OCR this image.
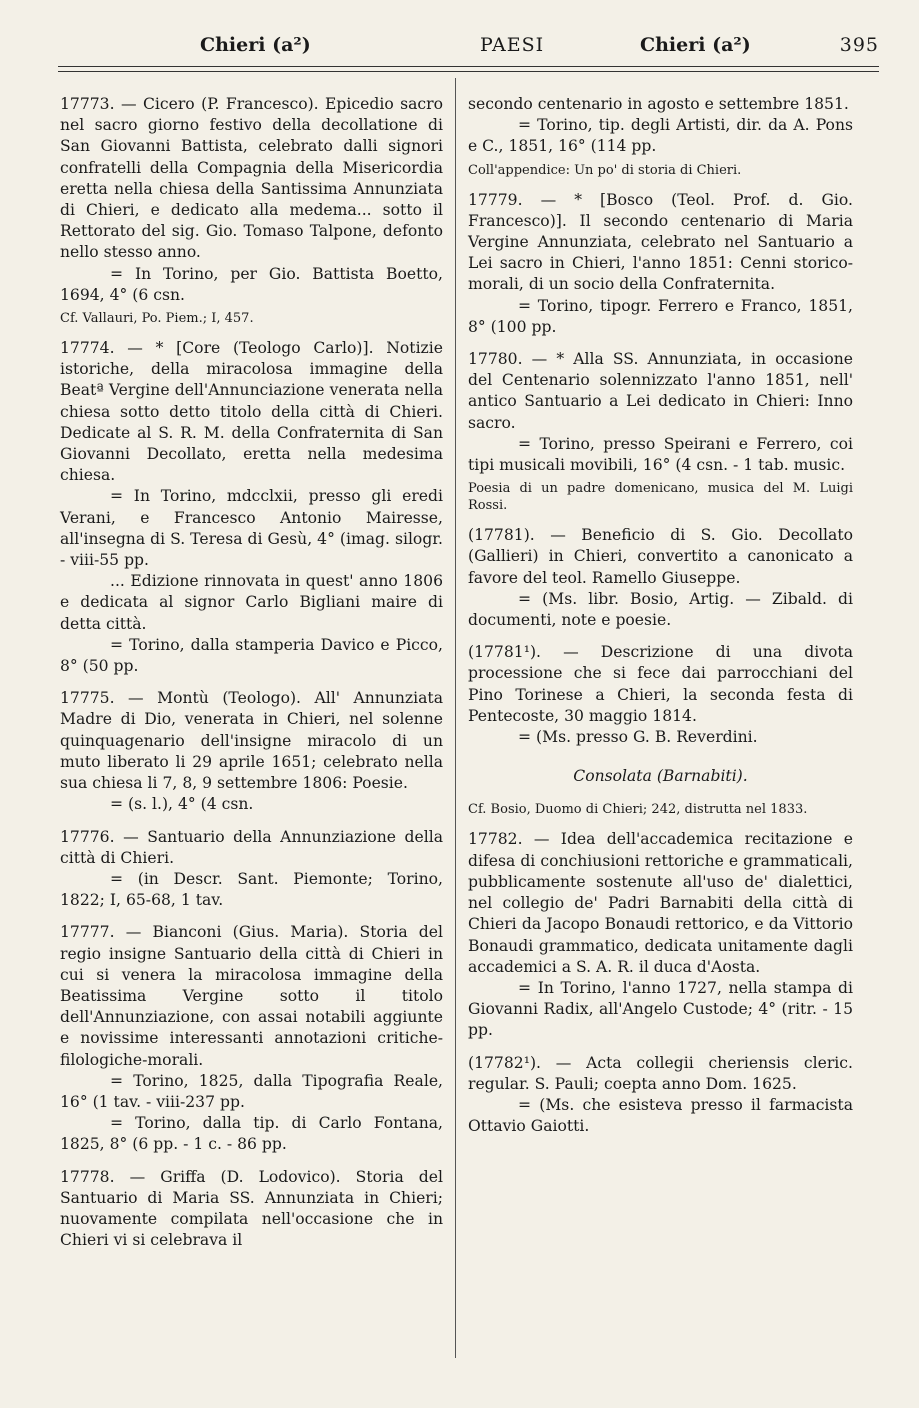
Chieri (a²)	PAESI	Chieri (a²)	395

17773. — Cicero (P. Francesco). Epicedio sacro nel sacro giorno festivo della decollatione di San Giovanni Battista, celebrato dalli signori confratelli della Compagnia della Misericordia eretta nella chiesa della Santissima Annunziata di Chieri, e dedicato alla medema... sotto il Rettorato del sig. Gio. Tomaso Talpone, defonto nello stesso anno.

= In Torino, per Gio. Battista Boetto, 1694, 4° (6 csn.

Cf. Vallauri, Po. Piem.; I, 457.

17774. — * [Core (Teologo Carlo)]. Notizie istoriche, della miracolosa immagine della Beatª Vergine dell'Annunciazione venerata nella chiesa sotto detto titolo della città di Chieri. Dedicate al S. R. M. della Confraternita di San Giovanni Decollato, eretta nella medesima chiesa.

= In Torino, mdcclxii, presso gli eredi Verani, e Francesco Antonio Mairesse, all'insegna di S. Teresa di Gesù, 4° (imag. silogr. - viii-55 pp.

... Edizione rinnovata in quest' anno 1806 e dedicata al signor Carlo Bigliani maire di detta città.

= Torino, dalla stamperia Davico e Picco, 8° (50 pp.

17775. — Montù (Teologo). All' Annunziata Madre di Dio, venerata in Chieri, nel solenne quinquagenario dell'insigne miracolo di un muto liberato li 29 aprile 1651; celebrato nella sua chiesa li 7, 8, 9 settembre 1806: Poesie.

= (s. l.), 4° (4 csn.

17776. — Santuario della Annunziazione della città di Chieri.

= (in Descr. Sant. Piemonte; Torino, 1822; I, 65-68, 1 tav.

17777. — Bianconi (Gius. Maria). Storia del regio insigne Santuario della città di Chieri in cui si venera la miracolosa immagine della Beatissima Vergine sotto il titolo dell'Annunziazione, con assai notabili aggiunte e novissime interessanti annotazioni critiche-filologiche-morali.

= Torino, 1825, dalla Tipografia Reale, 16° (1 tav. - viii-237 pp.

= Torino, dalla tip. di Carlo Fontana, 1825, 8° (6 pp. - 1 c. - 86 pp.

17778. — Griffa (D. Lodovico). Storia del Santuario di Maria SS. Annunziata in Chieri; nuovamente compilata nell'occasione che in Chieri vi si celebrava il

secondo centenario in agosto e settembre 1851.

= Torino, tip. degli Artisti, dir. da A. Pons e C., 1851, 16° (114 pp.

Coll'appendice: Un po' di storia di Chieri.

17779. — * [Bosco (Teol. Prof. d. Gio. Francesco)]. Il secondo centenario di Maria Vergine Annunziata, celebrato nel Santuario a Lei sacro in Chieri, l'anno 1851: Cenni storico-morali, di un socio della Confraternita.

= Torino, tipogr. Ferrero e Franco, 1851, 8° (100 pp.

17780. — * Alla SS. Annunziata, in occasione del Centenario solennizzato l'anno 1851, nell' antico Santuario a Lei dedicato in Chieri: Inno sacro.

= Torino, presso Speirani e Ferrero, coi tipi musicali movibili, 16° (4 csn. - 1 tab. music.

Poesia di un padre domenicano, musica del M. Luigi Rossi.

(17781). — Beneficio di S. Gio. Decollato (Gallieri) in Chieri, convertito a canonicato a favore del teol. Ramello Giuseppe.

= (Ms. libr. Bosio, Artig. — Zibald. di documenti, note e poesie.

(17781¹). — Descrizione di una divota processione che si fece dai parrocchiani del Pino Torinese a Chieri, la seconda festa di Pentecoste, 30 maggio 1814.

= (Ms. presso G. B. Reverdini.

Consolata (Barnabiti).

Cf. Bosio, Duomo di Chieri; 242, distrutta nel 1833.

17782. — Idea dell'accademica recitazione e difesa di conchiusioni rettoriche e grammaticali, pubblicamente sostenute all'uso de' dialettici, nel collegio de' Padri Barnabiti della città di Chieri da Jacopo Bonaudi rettorico, e da Vittorio Bonaudi grammatico, dedicata unitamente dagli accademici a S. A. R. il duca d'Aosta.

= In Torino, l'anno 1727, nella stampa di Giovanni Radix, all'Angelo Custode; 4° (ritr. - 15 pp.

(17782¹). — Acta collegii cheriensis cleric. regular. S. Pauli; coepta anno Dom. 1625.

= (Ms. che esisteva presso il farmacista Ottavio Gaiotti.
